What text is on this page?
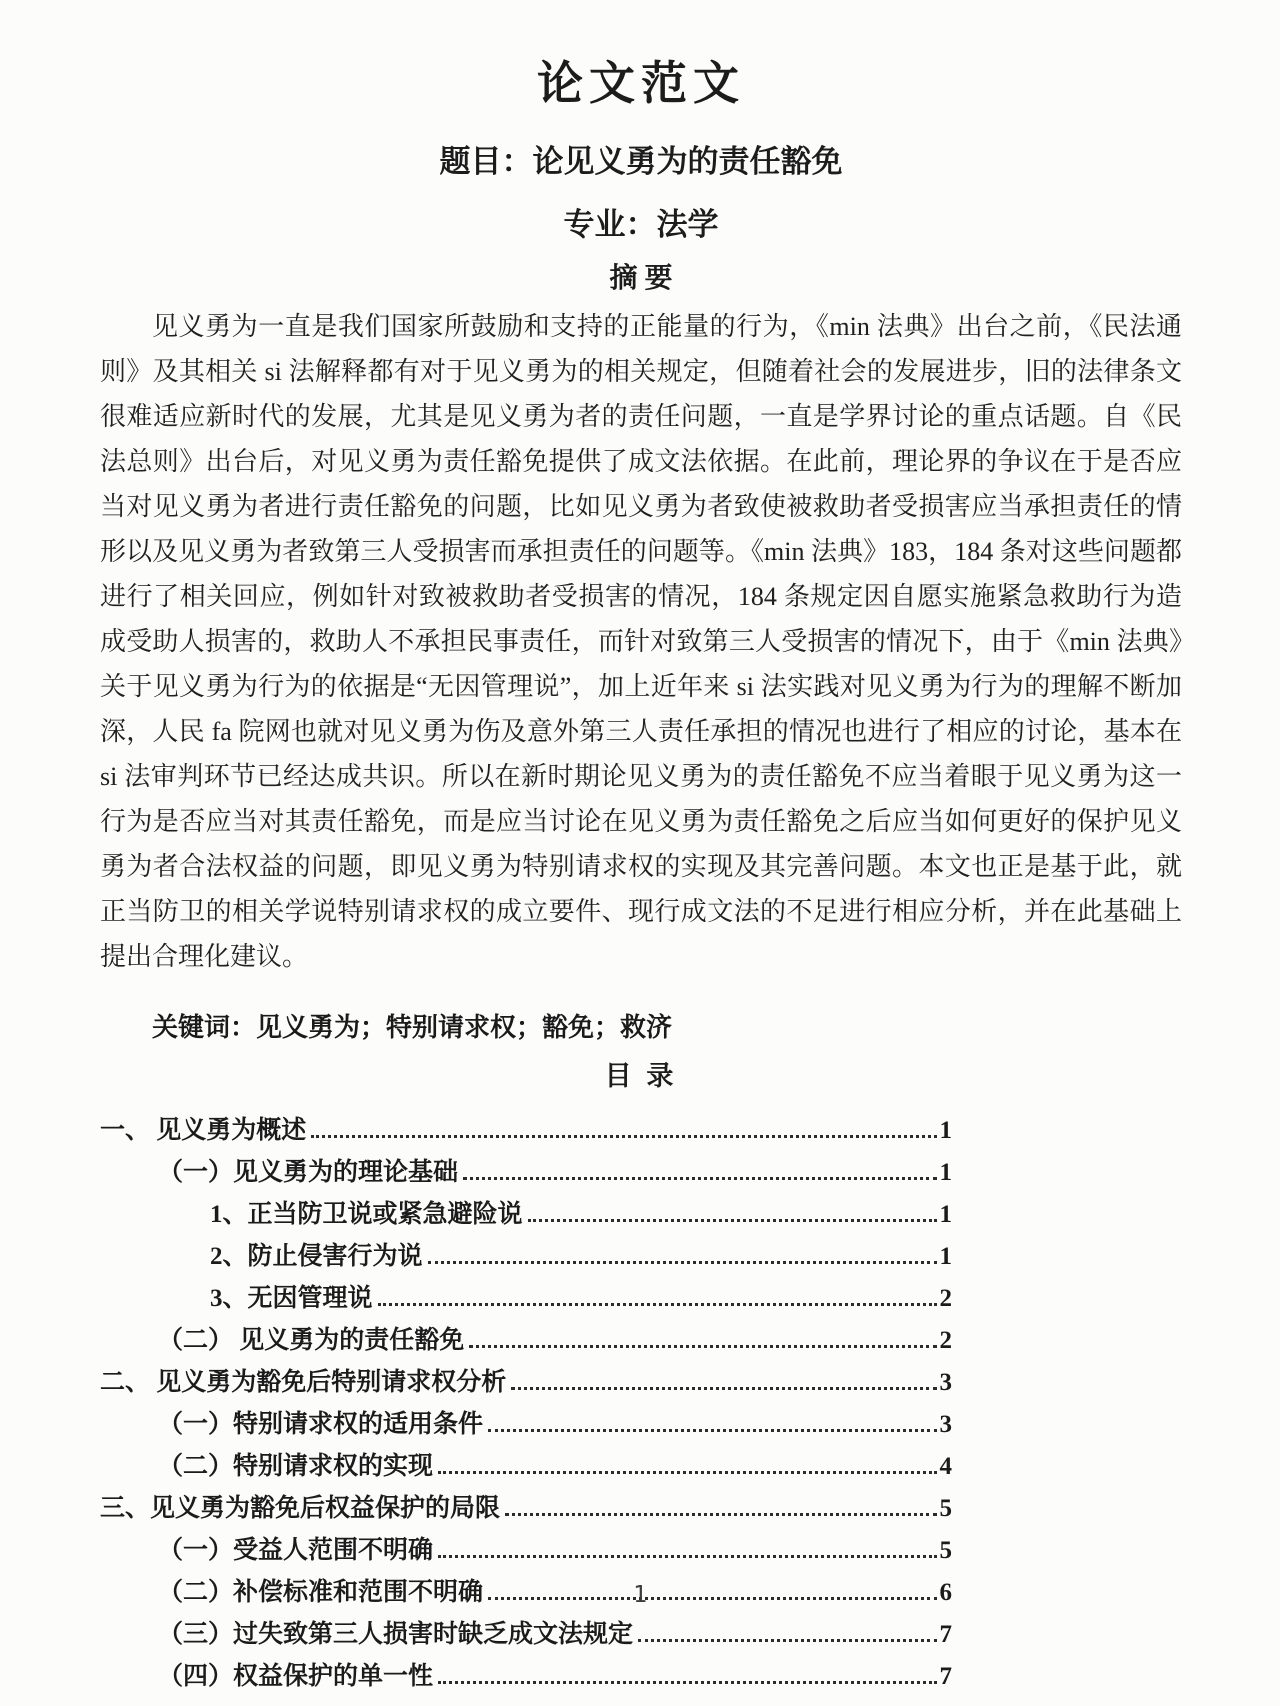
论文范文
题目：论见义勇为的责任豁免
专业：法学
摘 要

见义勇为一直是我们国家所鼓励和支持的正能量的行为，《min 法典》出台之前，《民法通则》及其相关 si 法解释都有对于见义勇为的相关规定，但随着社会的发展进步，旧的法律条文很难适应新时代的发展，尤其是见义勇为者的责任问题，一直是学界讨论的重点话题。自《民法总则》出台后，对见义勇为责任豁免提供了成文法依据。在此前，理论界的争议在于是否应当对见义勇为者进行责任豁免的问题，比如见义勇为者致使被救助者受损害应当承担责任的情形以及见义勇为者致第三人受损害而承担责任的问题等。《min 法典》183，184 条对这些问题都进行了相关回应，例如针对致被救助者受损害的情况，184 条规定因自愿实施紧急救助行为造成受助人损害的，救助人不承担民事责任，而针对致第三人受损害的情况下，由于《min 法典》关于见义勇为行为的依据是“无因管理说”，加上近年来 si 法实践对见义勇为行为的理解不断加深，人民 fa 院网也就对见义勇为伤及意外第三人责任承担的情况也进行了相应的讨论，基本在 si 法审判环节已经达成共识。所以在新时期论见义勇为的责任豁免不应当着眼于见义勇为这一行为是否应当对其责任豁免，而是应当讨论在见义勇为责任豁免之后应当如何更好的保护见义勇为者合法权益的问题，即见义勇为特别请求权的实现及其完善问题。本文也正是基于此，就正当防卫的相关学说特别请求权的成立要件、现行成文法的不足进行相应分析，并在此基础上提出合理化建议。

关键词：见义勇为；特别请求权；豁免；救济
目 录
一、 见义勇为概述	1
（一）见义勇为的理论基础	1
1、正当防卫说或紧急避险说	1
2、防止侵害行为说	1
3、无因管理说	2
（二） 见义勇为的责任豁免	2
二、 见义勇为豁免后特别请求权分析	3
（一）特别请求权的适用条件	3
（二）特别请求权的实现	4
三、见义勇为豁免后权益保护的局限	5
（一）受益人范围不明确	5
（二）补偿标准和范围不明确	6
（三）过失致第三人损害时缺乏成文法规定	7
（四）权益保护的单一性	7
1
